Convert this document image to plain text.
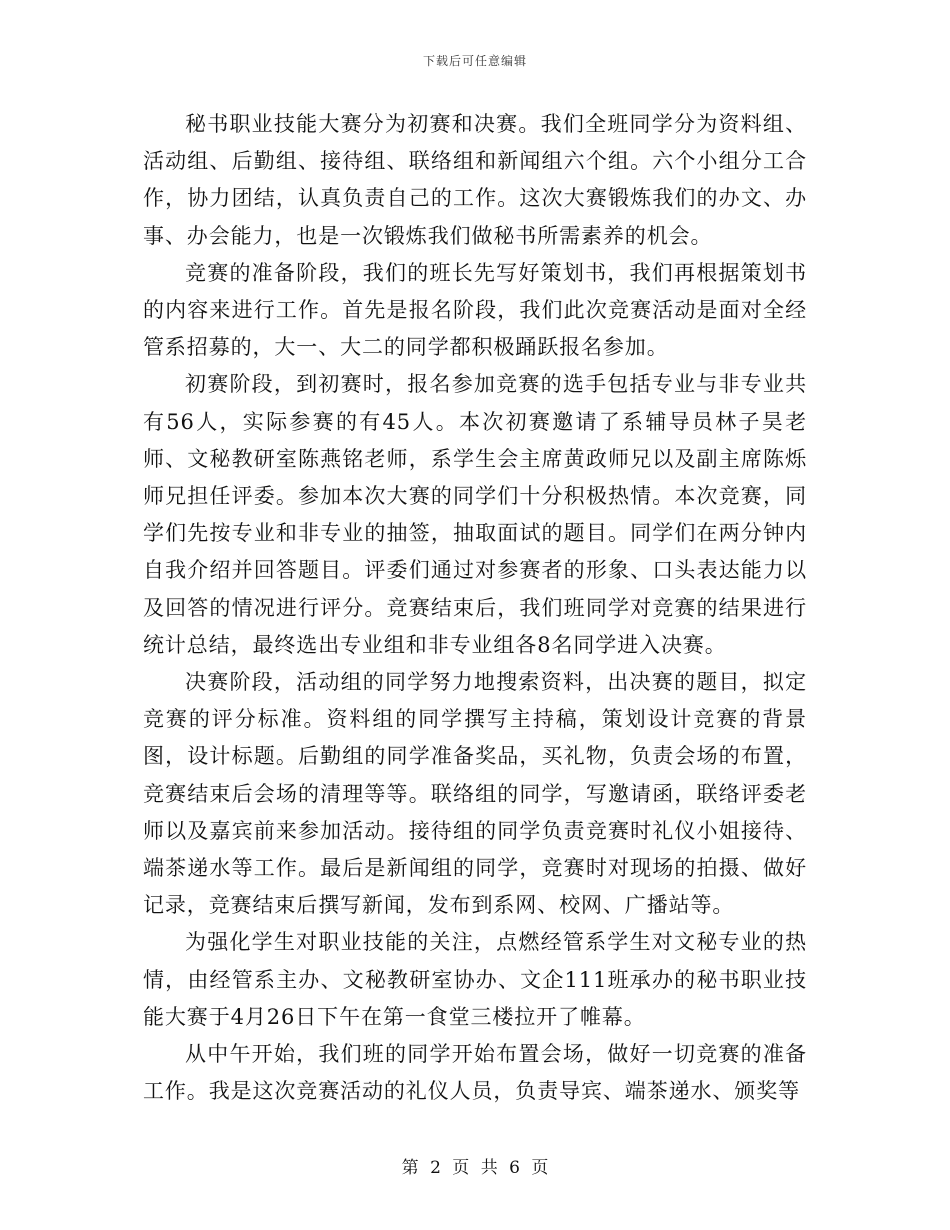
下载后可任意编辑

秘书职业技能大赛分为初赛和决赛。我们全班同学分为资料组、活动组、后勤组、接待组、联络组和新闻组六个组。六个小组分工合作，协力团结，认真负责自己的工作。这次大赛锻炼我们的办文、办事、办会能力，也是一次锻炼我们做秘书所需素养的机会。

竞赛的准备阶段，我们的班长先写好策划书，我们再根据策划书的内容来进行工作。首先是报名阶段，我们此次竞赛活动是面对全经管系招募的，大一、大二的同学都积极踊跃报名参加。

初赛阶段，到初赛时，报名参加竞赛的选手包括专业与非专业共有56人，实际参赛的有45人。本次初赛邀请了系辅导员林子昊老师、文秘教研室陈燕铭老师，系学生会主席黄政师兄以及副主席陈烁师兄担任评委。参加本次大赛的同学们十分积极热情。本次竞赛，同学们先按专业和非专业的抽签，抽取面试的题目。同学们在两分钟内自我介绍并回答题目。评委们通过对参赛者的形象、口头表达能力以及回答的情况进行评分。竞赛结束后，我们班同学对竞赛的结果进行统计总结，最终选出专业组和非专业组各8名同学进入决赛。

决赛阶段，活动组的同学努力地搜索资料，出决赛的题目，拟定竞赛的评分标准。资料组的同学撰写主持稿，策划设计竞赛的背景图，设计标题。后勤组的同学准备奖品，买礼物，负责会场的布置，竞赛结束后会场的清理等等。联络组的同学，写邀请函，联络评委老师以及嘉宾前来参加活动。接待组的同学负责竞赛时礼仪小姐接待、端茶递水等工作。最后是新闻组的同学，竞赛时对现场的拍摄、做好记录，竞赛结束后撰写新闻，发布到系网、校网、广播站等。

为强化学生对职业技能的关注，点燃经管系学生对文秘专业的热情，由经管系主办、文秘教研室协办、文企111班承办的秘书职业技能大赛于4月26日下午在第一食堂三楼拉开了帷幕。

从中午开始，我们班的同学开始布置会场，做好一切竞赛的准备工作。我是这次竞赛活动的礼仪人员，负责导宾、端茶递水、颁奖等

第 2 页 共 6 页
